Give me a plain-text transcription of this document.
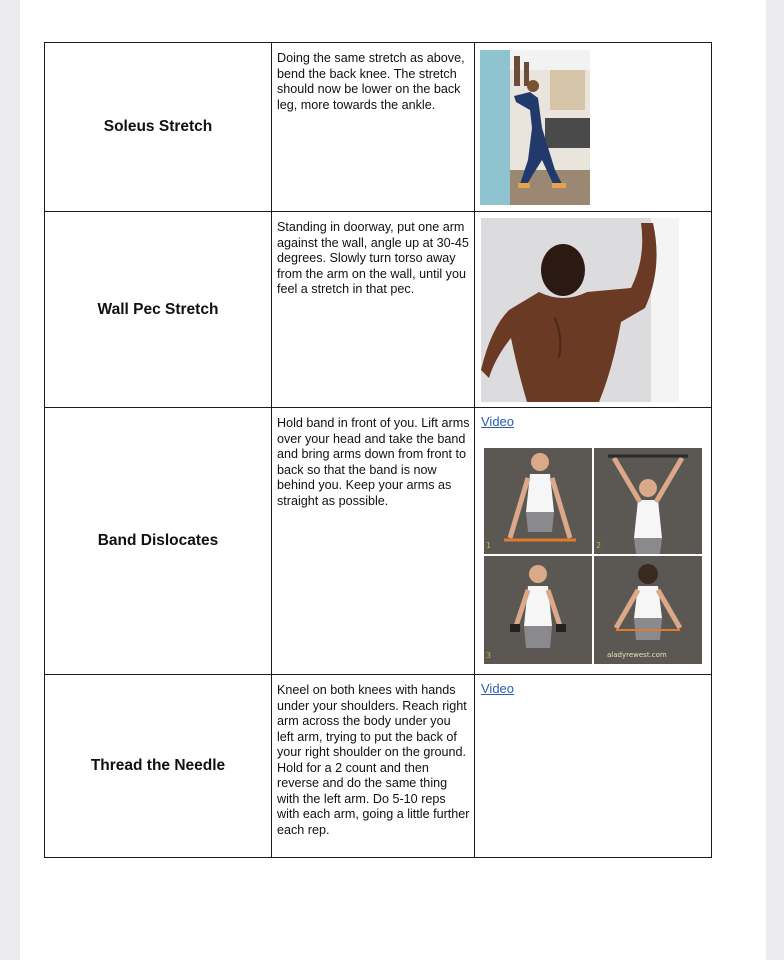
Soleus Stretch	Doing the same stretch as above, bend the back knee. The stretch should now be lower on the back leg, more towards the ankle.	

Wall Pec Stretch	Standing in doorway, put one arm against the wall, angle up at 30-45 degrees. Slowly turn torso away from the arm on the wall, until you feel a stretch in that pec.	

Band Dislocates	Hold band in front of you. Lift arms over your head and take the band and bring arms down from front to back so that the band is now behind you. Keep your arms as straight as possible.	Video
1 2
3 aladyrewest.com

Thread the Needle	Kneel on both knees with hands under your shoulders. Reach right arm across the body under you left arm, trying to put the back of your right shoulder on the ground. Hold for a 2 count and then reverse and do the same thing with the left arm. Do 5-10 reps with each arm, going a little further each rep.	Video
